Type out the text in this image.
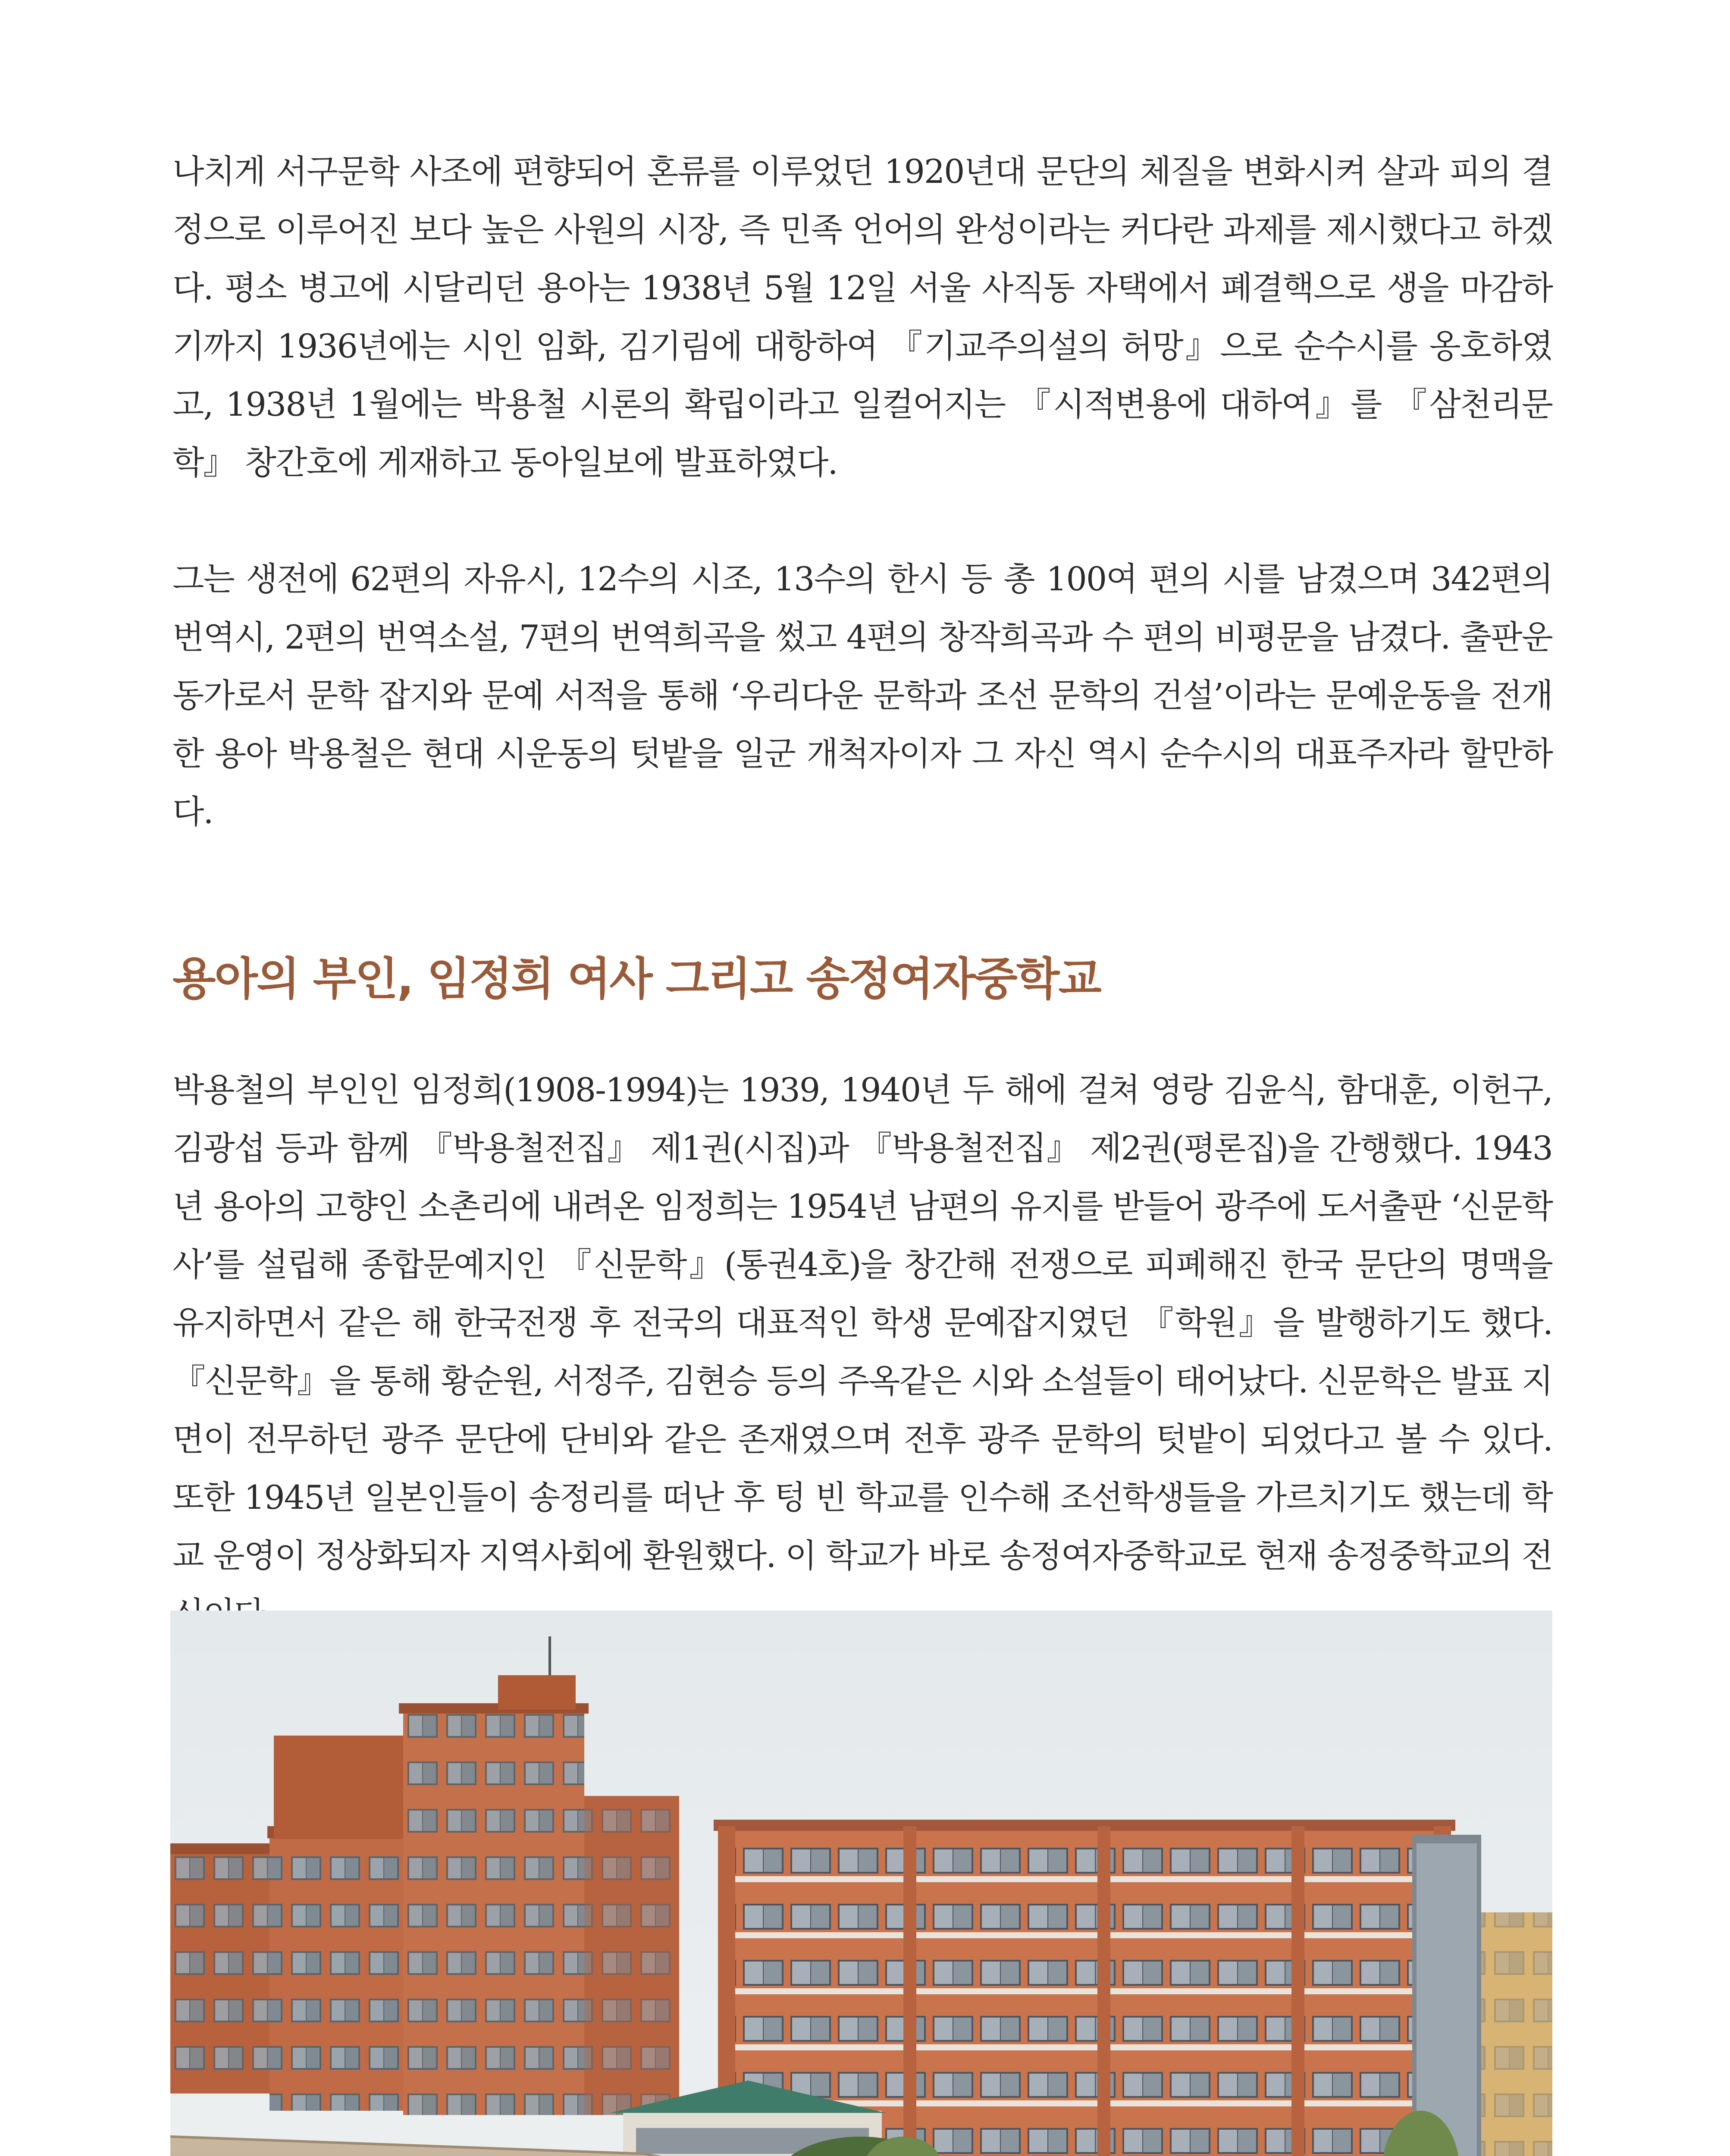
나치게 서구문학 사조에 편향되어 혼류를 이루었던 1920년대 문단의 체질을 변화시켜 살과 피의 결정으로 이루어진 보다 높은 사원의 시장, 즉 민족 언어의 완성이라는 커다란 과제를 제시했다고 하겠다. 평소 병고에 시달리던 용아는 1938년 5월 12일 서울 사직동 자택에서 폐결핵으로 생을 마감하기까지 1936년에는 시인 임화, 김기림에 대항하여 『기교주의설의 허망』으로 순수시를 옹호하였고, 1938년 1월에는 박용철 시론의 확립이라고 일컬어지는 『시적변용에 대하여』를 『삼천리문학』 창간호에 게재하고 동아일보에 발표하였다.

그는 생전에 62편의 자유시, 12수의 시조, 13수의 한시 등 총 100여 편의 시를 남겼으며 342편의 번역시, 2편의 번역소설, 7편의 번역희곡을 썼고 4편의 창작희곡과 수 편의 비평문을 남겼다. 출판운동가로서 문학 잡지와 문예 서적을 통해 ‘우리다운 문학과 조선 문학의 건설’이라는 문예운동을 전개한 용아 박용철은 현대 시운동의 텃밭을 일군 개척자이자 그 자신 역시 순수시의 대표주자라 할만하다.

용아의 부인, 임정희 여사 그리고 송정여자중학교

박용철의 부인인 임정희(1908-1994)는 1939, 1940년 두 해에 걸쳐 영랑 김윤식, 함대훈, 이헌구, 김광섭 등과 함께 『박용철전집』 제1권(시집)과 『박용철전집』 제2권(평론집)을 간행했다. 1943년 용아의 고향인 소촌리에 내려온 임정희는 1954년 남편의 유지를 받들어 광주에 도서출판 ‘신문학사’를 설립해 종합문예지인 『신문학』(통권4호)을 창간해 전쟁으로 피폐해진 한국 문단의 명맥을 유지하면서 같은 해 한국전쟁 후 전국의 대표적인 학생 문예잡지였던 『학원』을 발행하기도 했다. 『신문학』을 통해 황순원, 서정주, 김현승 등의 주옥같은 시와 소설들이 태어났다. 신문학은 발표 지면이 전무하던 광주 문단에 단비와 같은 존재였으며 전후 광주 문학의 텃밭이 되었다고 볼 수 있다. 또한 1945년 일본인들이 송정리를 떠난 후 텅 빈 학교를 인수해 조선학생들을 가르치기도 했는데 학교 운영이 정상화되자 지역사회에 환원했다. 이 학교가 바로 송정여자중학교로 현재 송정중학교의 전
